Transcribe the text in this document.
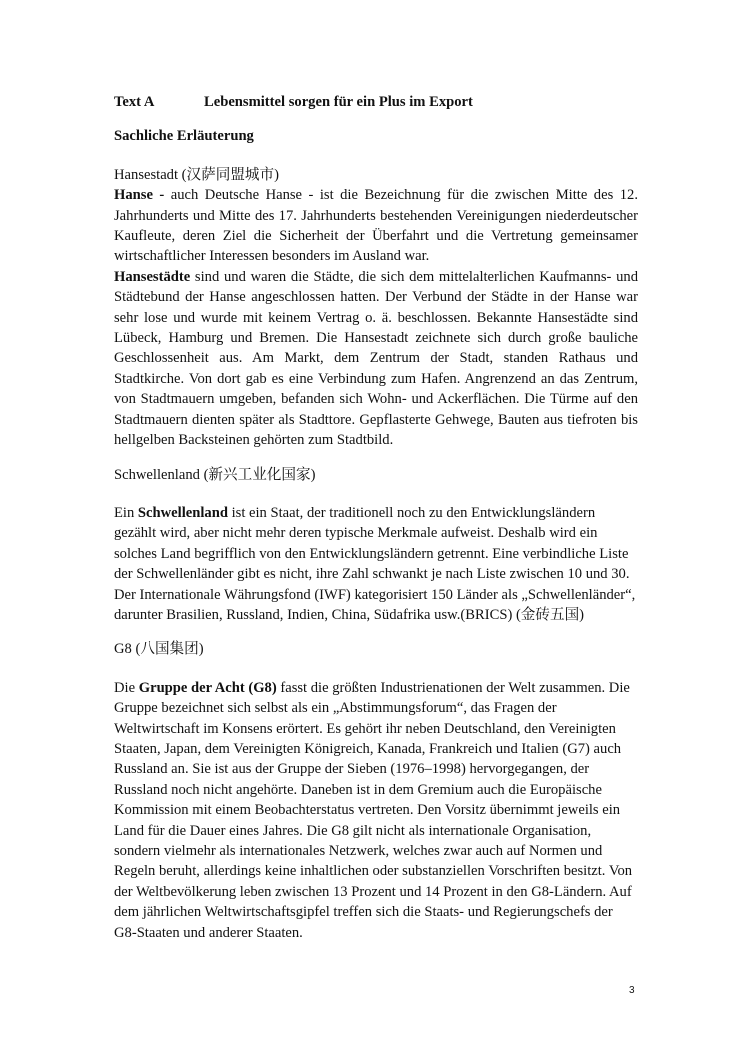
Text A	Lebensmittel sorgen für ein Plus im Export
Sachliche Erläuterung

Hansestadt (汉萨同盟城市)

Hanse - auch Deutsche Hanse - ist die Bezeichnung für die zwischen Mitte des 12. Jahrhunderts und Mitte des 17. Jahrhunderts bestehenden Vereinigungen niederdeutscher Kaufleute, deren Ziel die Sicherheit der Überfahrt und die Vertretung gemeinsamer wirtschaftlicher Interessen besonders im Ausland war.

Hansestädte sind und waren die Städte, die sich dem mittelalterlichen Kaufmanns- und Städtebund der Hanse angeschlossen hatten. Der Verbund der Städte in der Hanse war sehr lose und wurde mit keinem Vertrag o. ä. beschlossen. Bekannte Hansestädte sind Lübeck, Hamburg und Bremen. Die Hansestadt zeichnete sich durch große bauliche Geschlossenheit aus. Am Markt, dem Zentrum der Stadt, standen Rathaus und Stadtkirche. Von dort gab es eine Verbindung zum Hafen. Angrenzend an das Zentrum, von Stadtmauern umgeben, befanden sich Wohn- und Ackerflächen. Die Türme auf den Stadtmauern dienten später als Stadttore. Gepflasterte Gehwege, Bauten aus tiefroten bis hellgelben Backsteinen gehörten zum Stadtbild.

Schwellenland (新兴工业化国家)

Ein Schwellenland ist ein Staat, der traditionell noch zu den Entwicklungsländern gezählt wird, aber nicht mehr deren typische Merkmale aufweist. Deshalb wird ein solches Land begrifflich von den Entwicklungsländern getrennt. Eine verbindliche Liste der Schwellenländer gibt es nicht, ihre Zahl schwankt je nach Liste zwischen 10 und 30. Der Internationale Währungsfond (IWF) kategorisiert 150 Länder als „Schwellenländer“, darunter Brasilien, Russland, Indien, China, Südafrika usw.(BRICS) (金砖五国)

G8 (八国集团)

Die Gruppe der Acht (G8) fasst die größten Industrienationen der Welt zusammen. Die Gruppe bezeichnet sich selbst als ein „Abstimmungsforum“, das Fragen der Weltwirtschaft im Konsens erörtert. Es gehört ihr neben Deutschland, den Vereinigten Staaten, Japan, dem Vereinigten Königreich, Kanada, Frankreich und Italien (G7) auch Russland an. Sie ist aus der Gruppe der Sieben (1976–1998) hervorgegangen, der Russland noch nicht angehörte. Daneben ist in dem Gremium auch die Europäische Kommission mit einem Beobachterstatus vertreten. Den Vorsitz übernimmt jeweils ein Land für die Dauer eines Jahres. Die G8 gilt nicht als internationale Organisation, sondern vielmehr als internationales Netzwerk, welches zwar auch auf Normen und Regeln beruht, allerdings keine inhaltlichen oder substanziellen Vorschriften besitzt. Von der Weltbevölkerung leben zwischen 13 Prozent und 14 Prozent in den G8-Ländern. Auf dem jährlichen Weltwirtschaftsgipfel treffen sich die Staats- und Regierungschefs der G8-Staaten und anderer Staaten.

3
